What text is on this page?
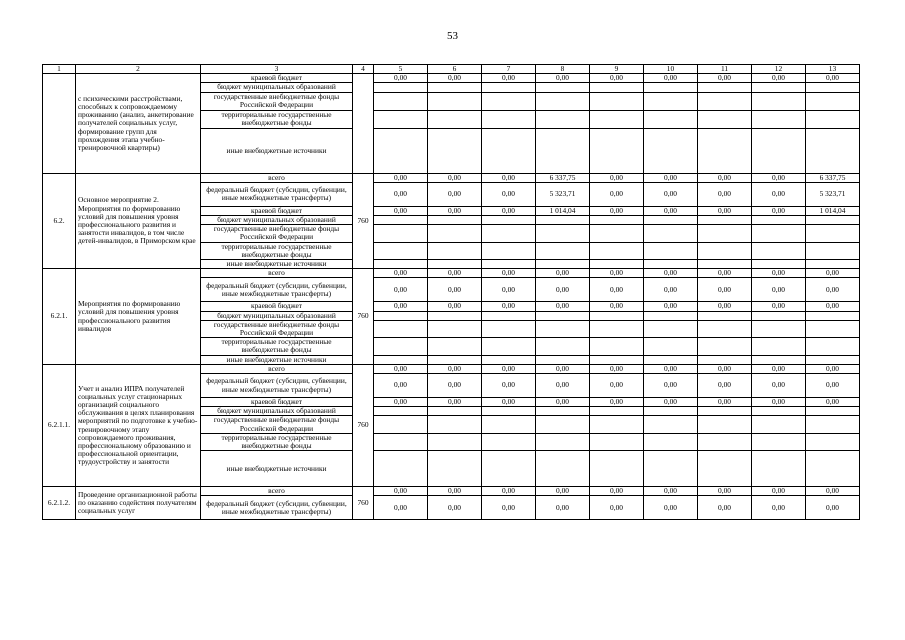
53
1	2	3	4	5	6	7	8	9	10	11	12	13
	с психическими расстройствами, способных к сопровождаемому проживанию (анализ, анкетирование получателей социальных услуг, формирование групп для прохождения этапа учебно-тренировочной квартиры)	краевой бюджет		0,00	0,00	0,00	0,00	0,00	0,00	0,00	0,00	0,00
		бюджет муниципальных образований										
		государственные внебюджетные фонды Российской Федерации										
		территориальные государственные внебюджетные фонды										
		иные внебюджетные источники										
6.2.	Основное мероприятие 2. Мероприятия по формированию условий для повышения уровня профессионального развития и занятости инвалидов, в том числе детей-инвалидов, в Приморском крае	всего	760	0,00	0,00	0,00	6 337,75	0,00	0,00	0,00	0,00	6 337,75
		федеральный бюджет (субсидии, субвенции, иные межбюджетные трансферты)		0,00	0,00	0,00	5 323,71	0,00	0,00	0,00	0,00	5 323,71
		краевой бюджет		0,00	0,00	0,00	1 014,04	0,00	0,00	0,00	0,00	1 014,04
		бюджет муниципальных образований										
		государственные внебюджетные фонды Российской Федерации										
		территориальные государственные внебюджетные фонды										
		иные внебюджетные источники										
6.2.1.	Мероприятия по формированию условий для повышения уровня профессионального развития инвалидов	всего	760	0,00	0,00	0,00	0,00	0,00	0,00	0,00	0,00	0,00
		федеральный бюджет (субсидии, субвенции, иные межбюджетные трансферты)		0,00	0,00	0,00	0,00	0,00	0,00	0,00	0,00	0,00
		краевой бюджет		0,00	0,00	0,00	0,00	0,00	0,00	0,00	0,00	0,00
		бюджет муниципальных образований										
		государственные внебюджетные фонды Российской Федерации										
		территориальные государственные внебюджетные фонды										
		иные внебюджетные источники										
6.2.1.1.	Учет и анализ ИПРА получателей социальных услуг стационарных организаций социального обслуживания в целях планирования мероприятий по подготовке к учебно-тренировочному этапу сопровождаемого проживания, профессиональному образованию и профессиональной ориентации, трудоустройству и занятости	всего	760	0,00	0,00	0,00	0,00	0,00	0,00	0,00	0,00	0,00
		федеральный бюджет (субсидии, субвенции, иные межбюджетные трансферты)		0,00	0,00	0,00	0,00	0,00	0,00	0,00	0,00	0,00
		краевой бюджет		0,00	0,00	0,00	0,00	0,00	0,00	0,00	0,00	0,00
		бюджет муниципальных образований										
		государственные внебюджетные фонды Российской Федерации										
		территориальные государственные внебюджетные фонды										
		иные внебюджетные источники										
6.2.1.2.	Проведение организационной работы по оказанию содействия получателям социальных услуг	всего	760	0,00	0,00	0,00	0,00	0,00	0,00	0,00	0,00	0,00
		федеральный бюджет (субсидии, субвенции, иные межбюджетные трансферты)		0,00	0,00	0,00	0,00	0,00	0,00	0,00	0,00	0,00
